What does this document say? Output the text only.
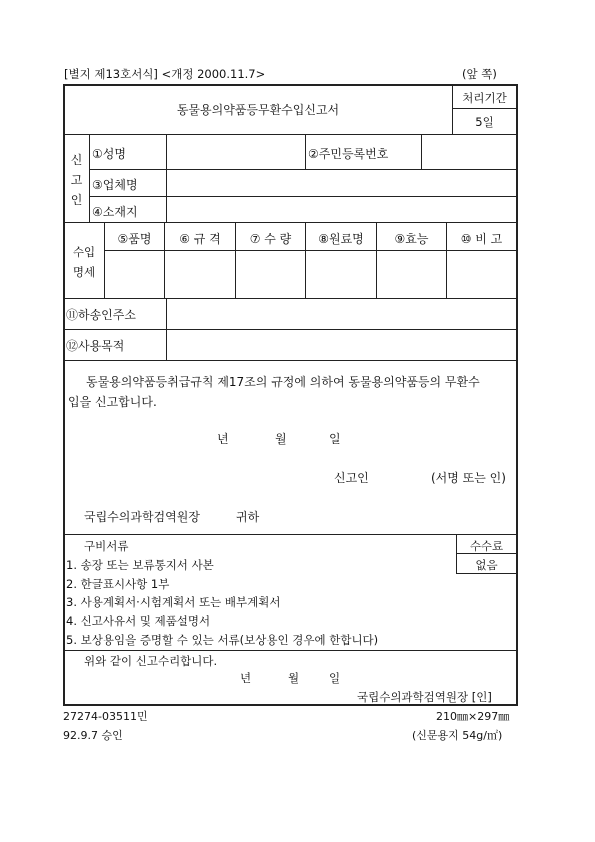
[별지 제13호서식] <개정 2000.11.7>	(앞 쪽)
동물용의약품등무환수입신고서
처리기간
5일
신
고
인
①성명	②주민등록번호
③업체명
④소재지
수입
명세
⑤품명	⑥ 규 격	⑦ 수 량	⑧원료명	⑨효능	⑩ 비 고
⑪하송인주소
⑫사용목적
동물용의약품등취급규칙 제17조의 규정에 의하여 동물용의약품등의 무환수
입을 신고합니다.
년	월	일
신고인	(서명 또는 인)
국립수의과학검역원장	귀하
수수료
없음
구비서류
1. 송장 또는 보류통지서 사본
2. 한글표시사항 1부
3. 사용계획서·시험계획서 또는 배부계획서
4. 신고사유서 및 제품설명서
5. 보상용임을 증명할 수 있는 서류(보상용인 경우에 한합니다)
위와 같이 신고수리합니다.
년	월	일
국립수의과학검역원장 [인]
27274-03511민	210㎜×297㎜
92.9.7 승인	(신문용지 54g/㎡)
